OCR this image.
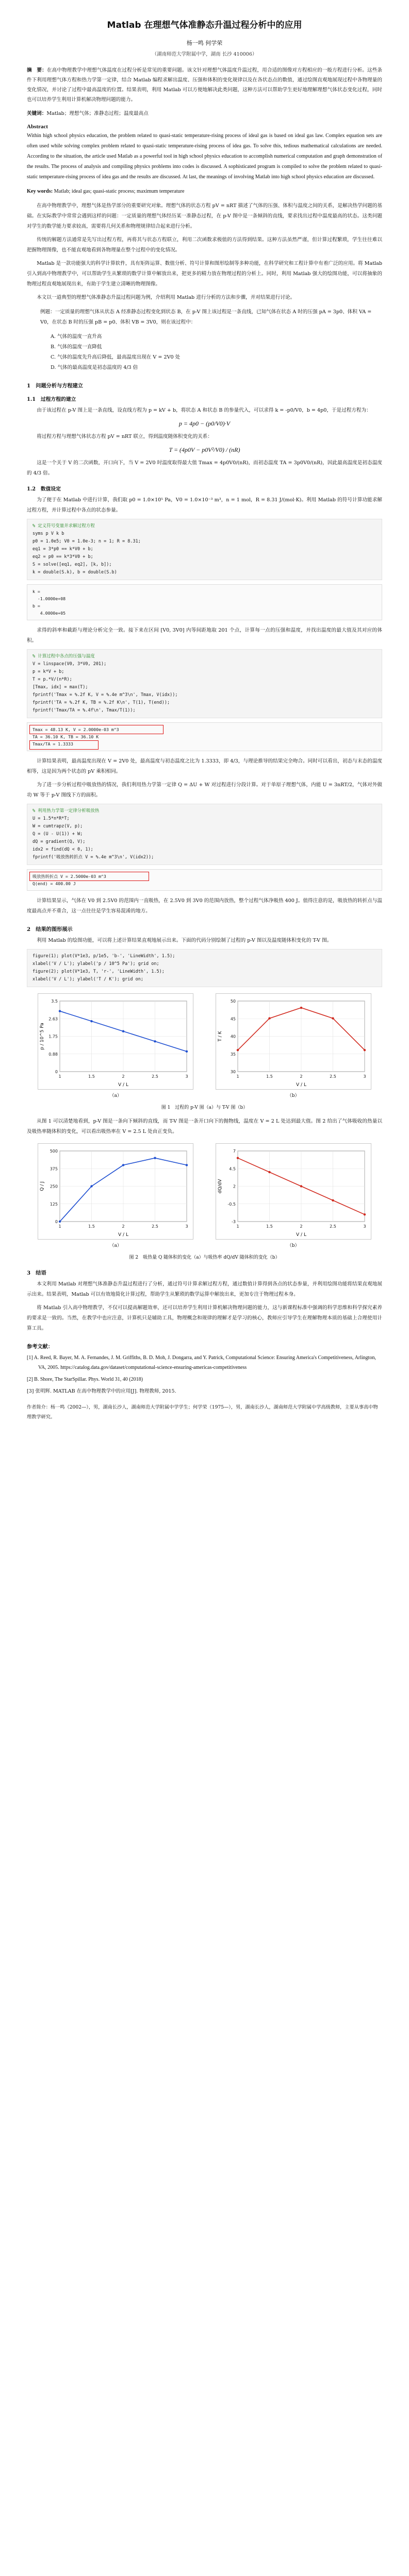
Matlab 在理想气体准静态升温过程分析中的应用
杨一鸣 何学荣
（湖南师范大学附属中学，湖南 长沙 410006）
摘　要：在高中物理教学中理想气体温度在过程分析是常见的重要问题。该文针对理想气体温度升温过程，用合适的图像对方程相应的一般方程进行分析。这些条件下利用理想气体方程和热力学第一定律，结合 Matlab 编程求解出温度、压强和体积的变化规律以及在各状态点的数值，通过绘图直观地展现过程中各物理量的变化情况，并讨论了过程中最高温度的位置。结果表明，利用 Matlab 可以方便地解决此类问题，这种方法可以帮助学生更好地理解理想气体状态变化过程，同时也可以培养学生利用计算机解决物理问题的能力。
关键词：Matlab；理想气体；准静态过程；温度最高点
Abstract
Within high school physics education, the problem related to quasi-static temperature-rising process of ideal gas is based on ideal gas law. Complex equation sets are often used while solving complex problem related to quasi-static temperature-rising process of idea gas. To solve this, tedious mathematical calculations are needed. According to the situation, the article used Matlab as a powerful tool in high school physics education to accomplish numerical computation and graph demonstration of the results. The process of analysis and compiling physics problems into codes is discussed. A sophisticated program is compiled to solve the problem related to quasi-static temperature-rising process of idea gas and the results are discussed. At last, the meanings of involving Matlab into high school physics education are discussed.
Key words: Matlab; ideal gas; quasi-static process; maximum temperature

在高中物理教学中，理想气体是热学部分的重要研究对象。理想气体的状态方程 pV = nRT 描述了气体的压强、体积与温度之间的关系，是解决热学问题的基础。在实际教学中常常会遇到这样的问题：一定质量的理想气体经历某一准静态过程，在 p-V 图中是一条倾斜的直线，要求找出过程中温度最高的状态。这类问题对学生的数学能力要求较高，需要将几何关系和物理规律结合起来进行分析。

传统的解题方法通常是先写出过程方程，再将其与状态方程联立，利用二次函数求极值的方法得到结果。这种方法虽然严谨，但计算过程繁琐，学生往往难以把握物理图像，也不能直观地看到各物理量在整个过程中的变化情况。

Matlab 是一款功能强大的科学计算软件，具有矩阵运算、数值分析、符号计算和图形绘制等多种功能，在科学研究和工程计算中有着广泛的应用。将 Matlab 引入到高中物理教学中，可以帮助学生从繁琐的数学计算中解放出来，把更多的精力放在物理过程的分析上。同时，利用 Matlab 强大的绘图功能，可以将抽象的物理过程直观地展现出来，有助于学生建立清晰的物理图像。

本文以一道典型的理想气体准静态升温过程问题为例，介绍利用 Matlab 进行分析的方法和步骤，并对结果进行讨论。

例题：一定质量的理想气体从状态 A 经准静态过程变化到状态 B，在 p-V 图上该过程是一条直线，已知气体在状态 A 时的压强 pA = 3p0、体积 VA = V0，在状态 B 时的压强 pB = p0、体积 VB = 3V0，则在该过程中：
A. 气体的温度一直升高
B. 气体的温度一直降低
C. 气体的温度先升高后降低，最高温度出现在 V = 2V0 处
D. 气体的最高温度是初态温度的 4/3 倍
1　问题分析与方程建立
1.1　过程方程的建立

由于该过程在 p-V 图上是一条直线，设直线方程为 p = kV + b，将状态 A 和状态 B 的参量代入，可以求得 k = -p0/V0，b = 4p0，于是过程方程为：

p = 4p0 − (p0/V0)·V

将过程方程与理想气体状态方程 pV = nRT 联立，得到温度随体积变化的关系：

T = (4p0V − p0V²/V0) / (nR)

这是一个关于 V 的二次函数，开口向下，当 V = 2V0 时温度取得最大值 Tmax = 4p0V0/(nR)，而初态温度 TA = 3p0V0/(nR)，因此最高温度是初态温度的 4/3 倍。

1.2　数值设定

为了便于在 Matlab 中进行计算，我们取 p0 = 1.0×10⁵ Pa，V0 = 1.0×10⁻³ m³，n = 1 mol，R = 8.31 J/(mol·K)。利用 Matlab 的符号计算功能求解过程方程，并计算过程中各点的状态参量。

% 定义符号变量并求解过程方程
syms p V k b
p0 = 1.0e5; V0 = 1.0e-3; n = 1; R = 8.31;
eq1 = 3*p0 == k*V0 + b;
eq2 = p0 == k*3*V0 + b;
S = solve([eq1, eq2], [k, b]);
k = double(S.k), b = double(S.b)
k =
-1.0000e+08
b =
4.0000e+05

求得的斜率和截距与理论分析完全一致。接下来在区间 [V0, 3V0] 内等间距地取 201 个点，计算每一点的压强和温度，并找出温度的最大值及其对应的体积。

% 计算过程中各点的压强与温度
V = linspace(V0, 3*V0, 201);
p = k*V + b;
T = p.*V/(n*R);
[Tmax, idx] = max(T);
fprintf('Tmax = %.2f K, V = %.4e m^3\n', Tmax, V(idx));
fprintf('TA = %.2f K, TB = %.2f K\n', T(1), T(end));
fprintf('Tmax/TA = %.4f\n', Tmax/T(1));
Tmax = 48.13 K, V = 2.0000e-03 m^3
TA = 36.10 K, TB = 36.10 K
Tmax/TA = 1.3333

计算结果表明，最高温度出现在 V = 2V0 处，最高温度与初态温度之比为 1.3333，即 4/3，与理论推导的结果完全吻合。同时可以看出，初态与末态的温度相等，这是因为两个状态的 pV 乘积相同。

为了进一步分析过程中吸放热的情况，我们利用热力学第一定律 Q = ΔU + W 对过程进行分段计算。对于单原子理想气体，内能 U = 3nRT/2，气体对外做功 W 等于 p-V 图线下方的面积。

% 利用热力学第一定律分析吸放热
U = 1.5*n*R*T;
W = cumtrapz(V, p);
Q = (U - U(1)) + W;
dQ = gradient(Q, V);
idx2 = find(dQ < 0, 1);
fprintf('吸放热转折点 V = %.4e m^3\n', V(idx2));
吸放热转折点 V = 2.5000e-03 m^3
Q(end) = 400.00 J

计算结果显示，气体在 V0 到 2.5V0 的范围内一直吸热，在 2.5V0 到 3V0 的范围内放热，整个过程气体净吸热 400 J。值得注意的是，吸放热的转折点与温度最高点并不重合，这一点往往是学生容易混淆的地方。

2　结果的图形展示

利用 Matlab 的绘图功能，可以将上述计算结果直观地展示出来。下面的代码分别绘制了过程的 p-V 图以及温度随体积变化的 T-V 图。

figure(1); plot(V*1e3, p/1e5, 'b-', 'LineWidth', 1.5);
xlabel('V / L'); ylabel('p / 10^5 Pa'); grid on;
figure(2); plot(V*1e3, T, 'r-', 'LineWidth', 1.5);
xlabel('V / L'); ylabel('T / K'); grid on;
1	1.5	2	2.5	3
0
0.88
1.75
2.63
3.5
V / L
p / 10^5 Pa
1	1.5	2	2.5	3
30
35
40
45
50
V / L
T / K
（a）	（b）
图 1　过程的 p-V 图（a）与 T-V 图（b）

从图 1 可以清楚地看到，p-V 图是一条向下倾斜的直线，而 T-V 图是一条开口向下的抛物线，温度在 V = 2 L 处达到最大值。图 2 给出了气体吸收的热量以及吸热率随体积的变化，可以看出吸热率在 V = 2.5 L 处由正变负。

1	1.5	2	2.5	3
0
125
250
375
500
V / L
Q / J
1	1.5	2	2.5	3
-3
-0.5
2
4.5
7
V / L
dQ/dV
（a）	（b）
图 2　吸热量 Q 随体积的变化（a）与吸热率 dQ/dV 随体积的变化（b）
3　结语

本文利用 Matlab 对理想气体准静态升温过程进行了分析，通过符号计算求解过程方程，通过数值计算得到各点的状态参量，并利用绘图功能将结果直观地展示出来。结果表明，Matlab 可以有效地简化计算过程，帮助学生从繁琐的数学运算中解放出来，更加专注于物理过程本身。

将 Matlab 引入高中物理教学，不仅可以提高解题效率，还可以培养学生利用计算机解决物理问题的能力，这与新课程标准中强调的科学思维和科学探究素养的要求是一致的。当然，在教学中也应注意，计算机只是辅助工具，物理概念和规律的理解才是学习的核心，教师应引导学生在理解物理本质的基础上合理使用计算工具。

参考文献：
[1] A. Reed, R. Bayer, M. A. Fernandes, J. M. Griffiths, B. D. Moh, J. Dongarra, and Y. Patrick, Computational Science: Ensuring America's Competitiveness, Arlington, VA, 2005. https://catalog.data.gov/dataset/computational-science-ensuring-americas-competitiveness
[2] B. Shore, The StarSpillar. Phys. World 31, 40 (2018)
[3] 张明辉. MATLAB 在高中物理教学中的应用[J]. 物理教师, 2015.
作者简介：杨一鸣（2002—），男，湖南长沙人，湖南师范大学附属中学学生；何学荣（1975—），男，湖南长沙人，湖南师范大学附属中学高级教师，主要从事高中物理教学研究。
